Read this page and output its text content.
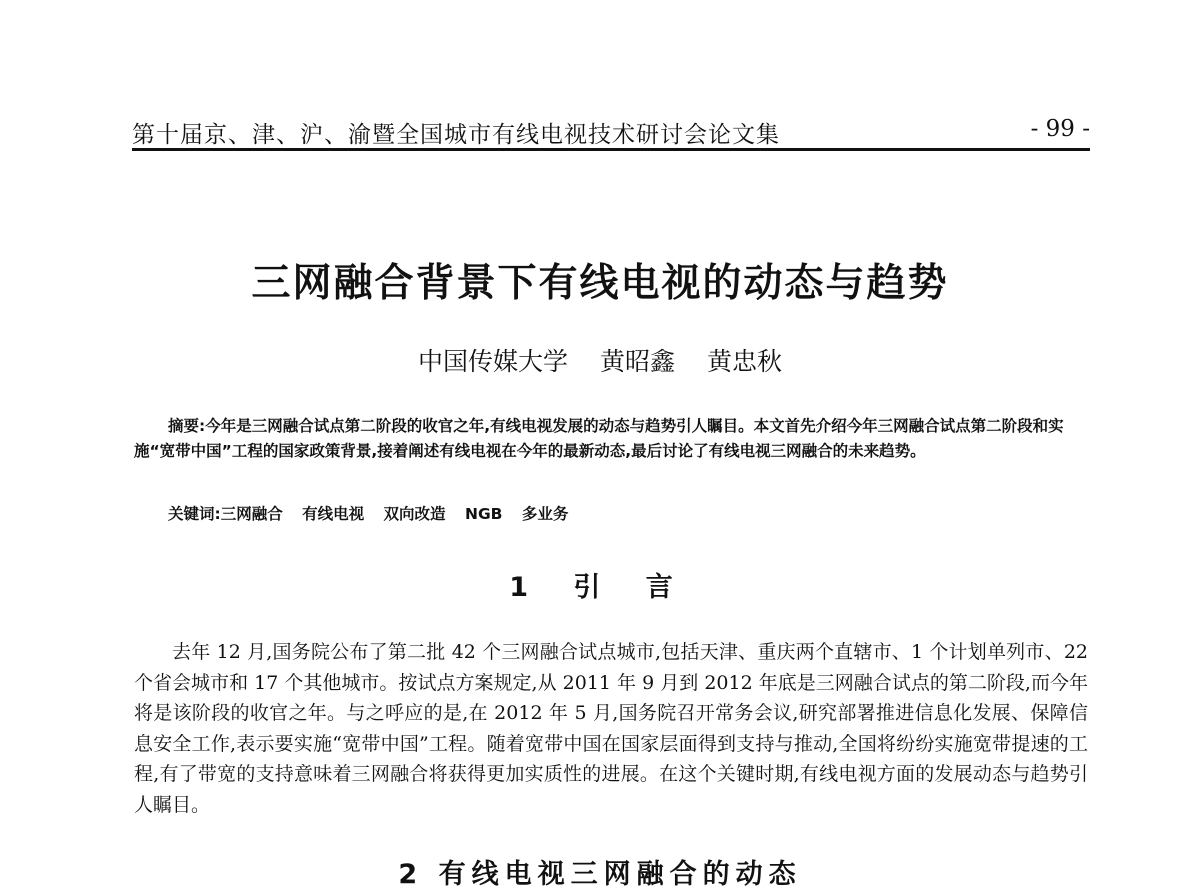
第十届京、津、沪、渝暨全国城市有线电视技术研讨会论文集	- 99 -
三网融合背景下有线电视的动态与趋势
中国传媒大学 黄昭鑫 黄忠秋

摘要:今年是三网融合试点第二阶段的收官之年,有线电视发展的动态与趋势引人瞩目。本文首先介绍今年三网融合试点第二阶段和实施“宽带中国”工程的国家政策背景,接着阐述有线电视在今年的最新动态,最后讨论了有线电视三网融合的未来趋势。

关键词:三网融合 有线电视 双向改造 NGB 多业务

1 引 言

去年 12 月,国务院公布了第二批 42 个三网融合试点城市,包括天津、重庆两个直辖市、1 个计划单列市、22 个省会城市和 17 个其他城市。按试点方案规定,从 2011 年 9 月到 2012 年底是三网融合试点的第二阶段,而今年将是该阶段的收官之年。与之呼应的是,在 2012 年 5 月,国务院召开常务会议,研究部署推进信息化发展、保障信息安全工作,表示要实施“宽带中国”工程。随着宽带中国在国家层面得到支持与推动,全国将纷纷实施宽带提速的工程,有了带宽的支持意味着三网融合将获得更加实质性的进展。在这个关键时期,有线电视方面的发展动态与趋势引人瞩目。

2 有线电视三网融合的动态
